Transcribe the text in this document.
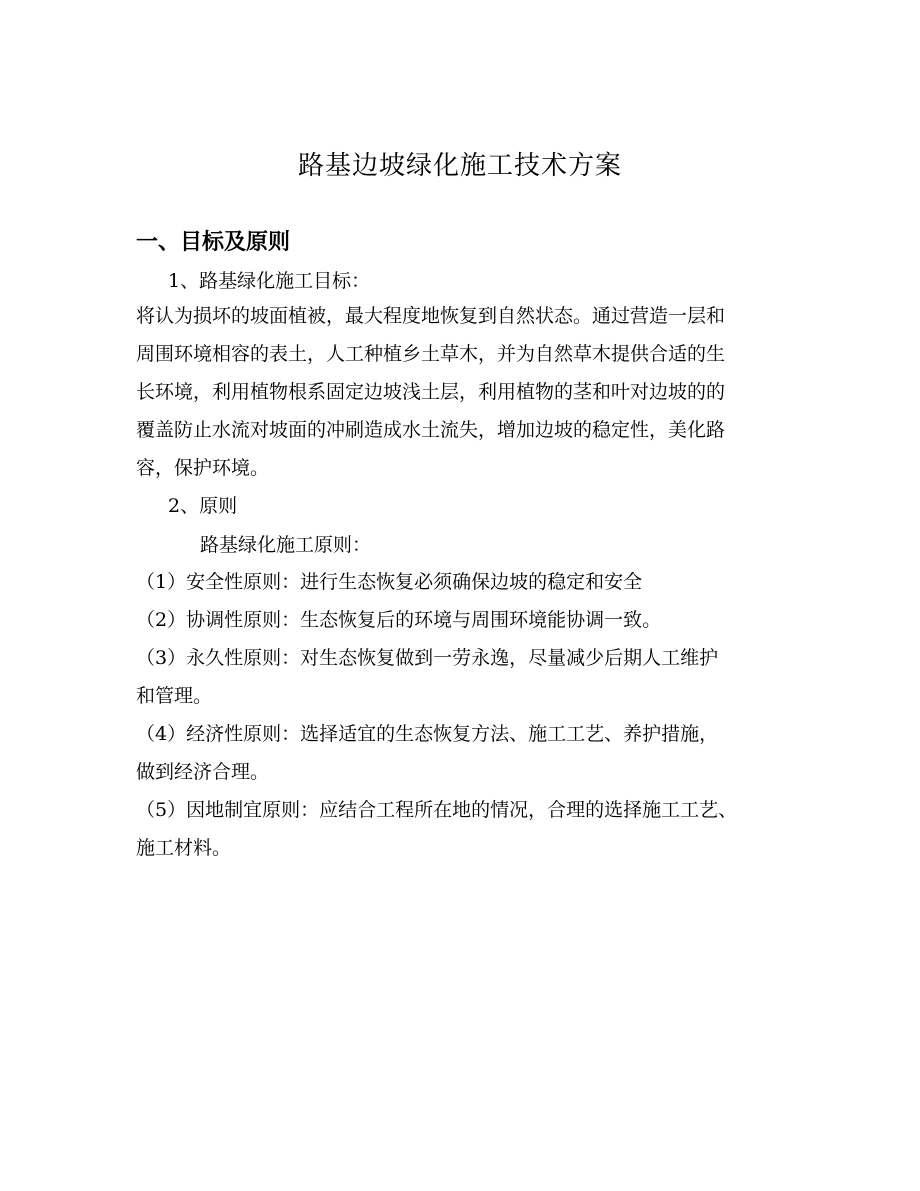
路基边坡绿化施工技术方案
一、目标及原则
1、路基绿化施工目标：
将认为损坏的坡面植被，最大程度地恢复到自然状态。通过营造一层和
周围环境相容的表土，人工种植乡土草木，并为自然草木提供合适的生
长环境，利用植物根系固定边坡浅土层，利用植物的茎和叶对边坡的的
覆盖防止水流对坡面的冲刷造成水土流失，增加边坡的稳定性，美化路
容，保护环境。
2、原则
路基绿化施工原则：
（1）安全性原则：进行生态恢复必须确保边坡的稳定和安全
（2）协调性原则：生态恢复后的环境与周围环境能协调一致。
（3）永久性原则：对生态恢复做到一劳永逸，尽量减少后期人工维护
和管理。
（4）经济性原则：选择适宜的生态恢复方法、施工工艺、养护措施，
做到经济合理。
（5）因地制宜原则：应结合工程所在地的情况，合理的选择施工工艺、
施工材料。
